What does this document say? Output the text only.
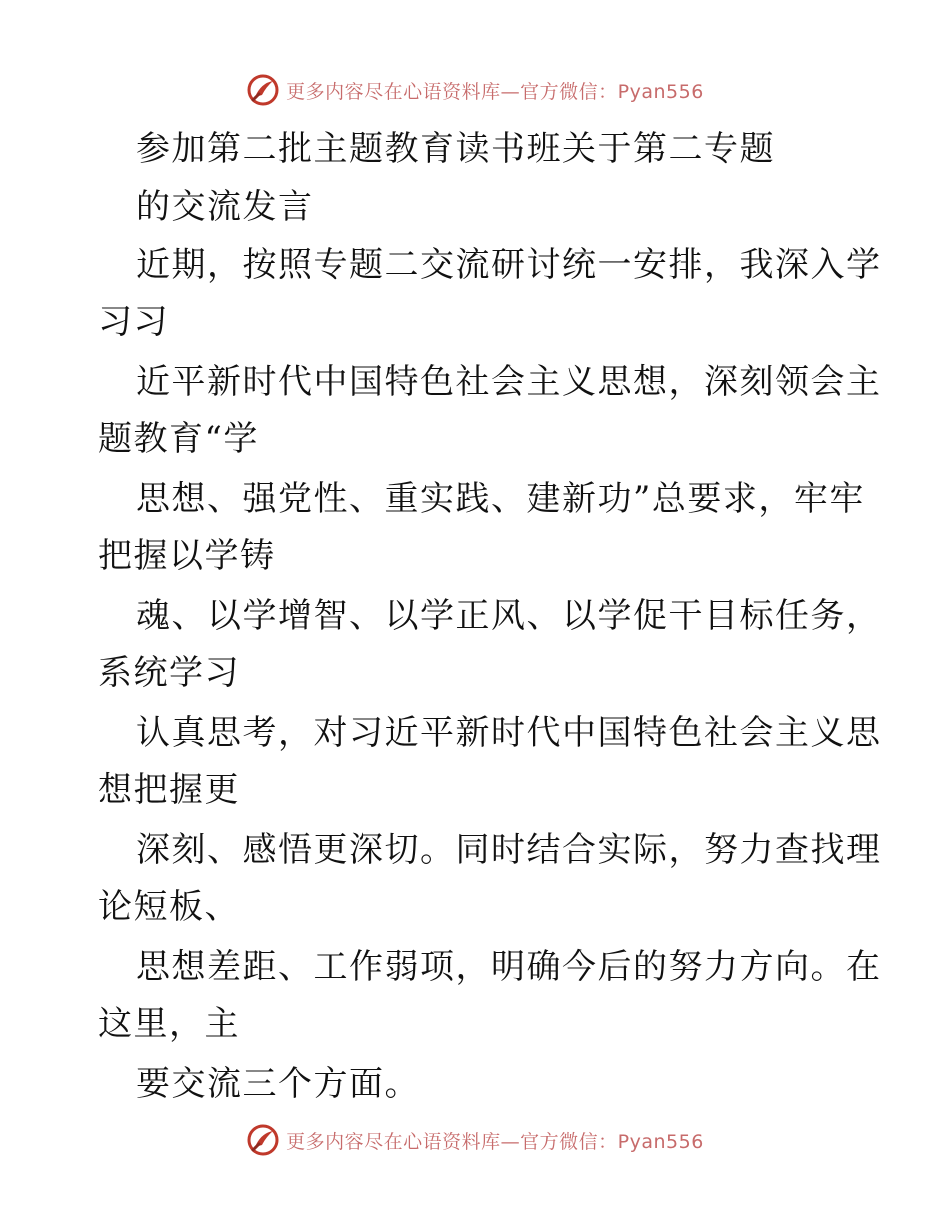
更多内容尽在心语资料库—官方微信：Pyan556
参加第二批主题教育读书班关于第二专题
的交流发言
近期，按照专题二交流研讨统一安排，我深入学
习习
近平新时代中国特色社会主义思想，深刻领会主
题教育“学
思想、强党性、重实践、建新功”总要求，牢牢
把握以学铸
魂、以学增智、以学正风、以学促干目标任务，
系统学习
认真思考，对习近平新时代中国特色社会主义思
想把握更
深刻、感悟更深切。同时结合实际，努力查找理
论短板、
思想差距、工作弱项，明确今后的努力方向。在
这里，主
要交流三个方面。
更多内容尽在心语资料库—官方微信：Pyan556
